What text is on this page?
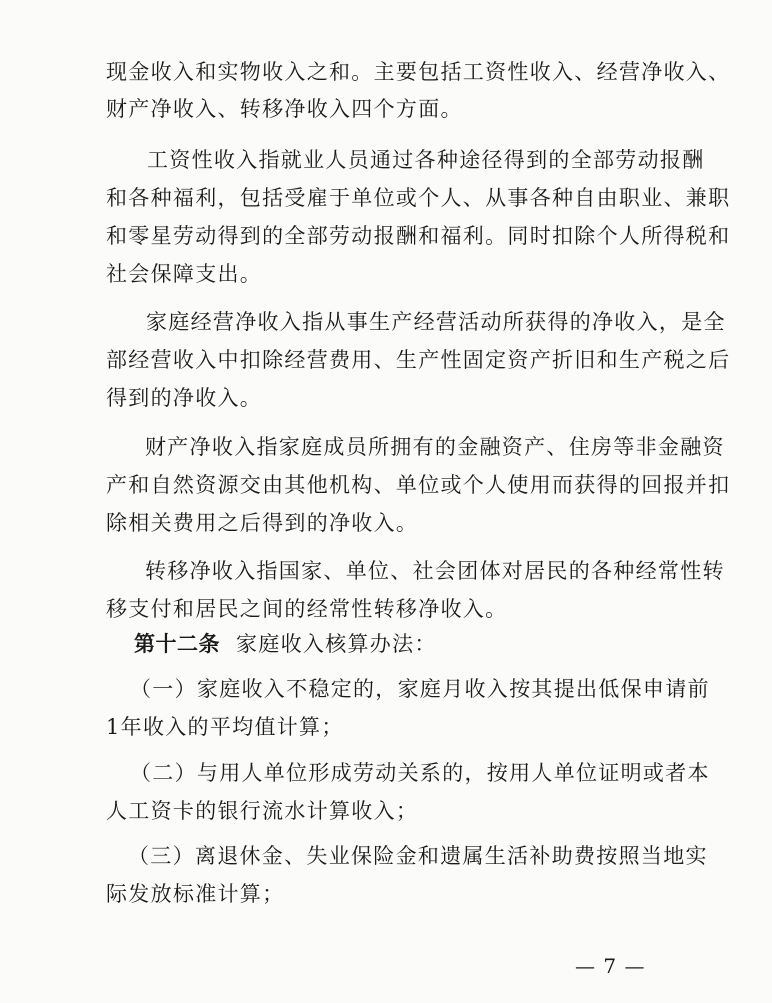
现金收入和实物收入之和。主要包括工资性收入、经营净收入、
财产净收入、转移净收入四个方面。
工资性收入指就业人员通过各种途径得到的全部劳动报酬
和各种福利，包括受雇于单位或个人、从事各种自由职业、兼职
和零星劳动得到的全部劳动报酬和福利。同时扣除个人所得税和
社会保障支出。
家庭经营净收入指从事生产经营活动所获得的净收入，是全
部经营收入中扣除经营费用、生产性固定资产折旧和生产税之后
得到的净收入。
财产净收入指家庭成员所拥有的金融资产、住房等非金融资
产和自然资源交由其他机构、单位或个人使用而获得的回报并扣
除相关费用之后得到的净收入。
转移净收入指国家、单位、社会团体对居民的各种经常性转
移支付和居民之间的经常性转移净收入。
第十二条 家庭收入核算办法：
（一）家庭收入不稳定的，家庭月收入按其提出低保申请前
1年收入的平均值计算；
（二）与用人单位形成劳动关系的，按用人单位证明或者本
人工资卡的银行流水计算收入；
（三）离退休金、失业保险金和遗属生活补助费按照当地实
际发放标准计算；
— 7 —
